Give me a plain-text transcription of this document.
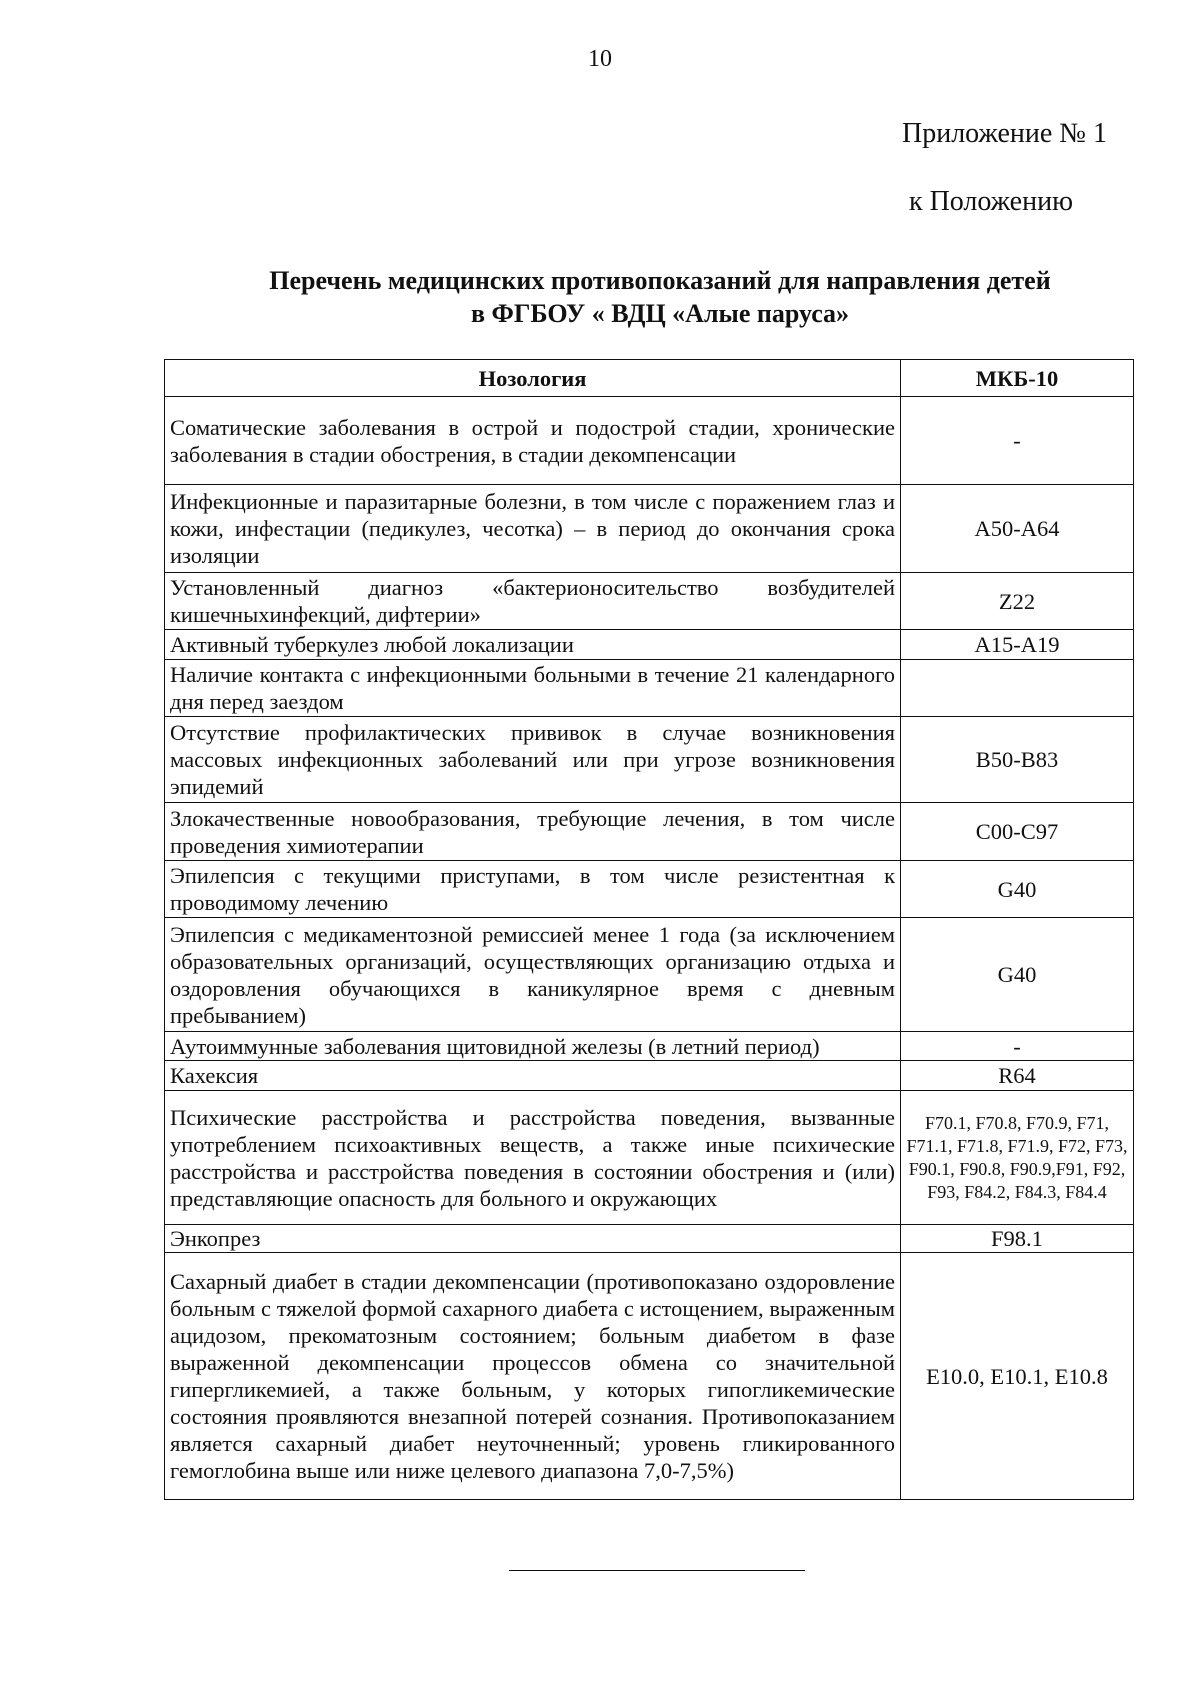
10
Приложение № 1
к Положению
Перечень медицинских противопоказаний для направления детей
в ФГБОУ « ВДЦ «Алые паруса»
Нозология	МКБ-10
Соматические заболевания в острой и подострой стадии, хронические заболевания в стадии обострения, в стадии декомпенсации	-
Инфекционные и паразитарные болезни, в том числе с поражением глаз и кожи, инфестации (педикулез, чесотка) – в период до окончания срока изоляции	А50-А64
Установленный диагноз «бактерионосительство возбудителей кишечныхинфекций, дифтерии»	Z22
Активный туберкулез любой локализации	А15-А19
Наличие контакта с инфекционными больными в течение 21 календарного дня перед заездом	
Отсутствие профилактических прививок в случае возникновения массовых инфекционных заболеваний или при угрозе возникновения эпидемий	В50-В83
Злокачественные новообразования, требующие лечения, в том числе проведения химиотерапии	С00-С97
Эпилепсия с текущими приступами, в том числе резистентная к проводимому лечению	G40
Эпилепсия с медикаментозной ремиссией менее 1 года (за исключением образовательных организаций, осуществляющих организацию отдыха и оздоровления обучающихся в каникулярное время с дневным пребыванием)	G40
Аутоиммунные заболевания щитовидной железы (в летний период)	-
Кахексия	R64
Психические расстройства и расстройства поведения, вызванные употреблением психоактивных веществ, а также иные психические расстройства и расстройства поведения в состоянии обострения и (или) представляющие опасность для больного и окружающих	F70.1, F70.8, F70.9, F71, F71.1, F71.8, F71.9, F72, F73, F90.1, F90.8, F90.9,F91, F92, F93, F84.2, F84.3, F84.4
Энкопрез	F98.1
Сахарный диабет в стадии декомпенсации (противопоказано оздоровление больным с тяжелой формой сахарного диабета с истощением, выраженным ацидозом, прекоматозным состоянием; больным диабетом в фазе выраженной декомпенсации процессов обмена со значительной гипергликемией, а также больным, у которых гипогликемические состояния проявляются внезапной потерей сознания. Противопоказанием является сахарный диабет неуточненный; уровень гликированного гемоглобина выше или ниже целевого диапазона 7,0-7,5%)	E10.0, E10.1, E10.8
